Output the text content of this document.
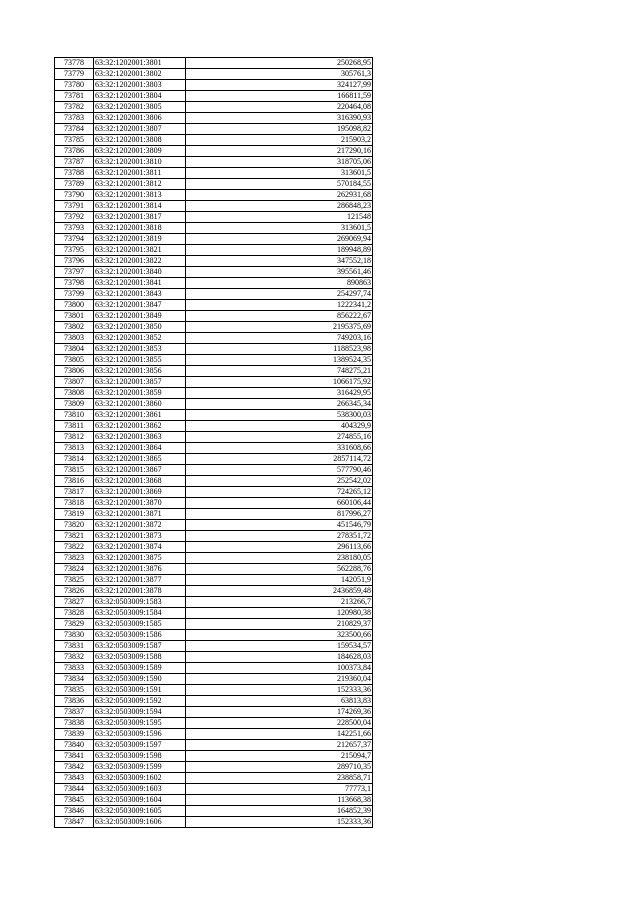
73778	63:32:1202001:3801	250268,95
73779	63:32:1202001:3802	305761,3
73780	63:32:1202001:3803	324127,99
73781	63:32:1202001:3804	166811,59
73782	63:32:1202001:3805	220464,08
73783	63:32:1202001:3806	316390,93
73784	63:32:1202001:3807	195098,82
73785	63:32:1202001:3808	215903,2
73786	63:32:1202001:3809	217290,16
73787	63:32:1202001:3810	318705,06
73788	63:32:1202001:3811	313601,5
73789	63:32:1202001:3812	570184,55
73790	63:32:1202001:3813	262931,68
73791	63:32:1202001:3814	286848,23
73792	63:32:1202001:3817	121548
73793	63:32:1202001:3818	313601,5
73794	63:32:1202001:3819	269069,94
73795	63:32:1202001:3821	189948,89
73796	63:32:1202001:3822	347552,18
73797	63:32:1202001:3840	395561,46
73798	63:32:1202001:3841	890863
73799	63:32:1202001:3843	254297,74
73800	63:32:1202001:3847	1222341,2
73801	63:32:1202001:3849	856222,67
73802	63:32:1202001:3850	2195375,69
73803	63:32:1202001:3852	749203,16
73804	63:32:1202001:3853	1188523,98
73805	63:32:1202001:3855	1389524,35
73806	63:32:1202001:3856	748275,21
73807	63:32:1202001:3857	1066175,92
73808	63:32:1202001:3859	316429,95
73809	63:32:1202001:3860	266345,34
73810	63:32:1202001:3861	538300,03
73811	63:32:1202001:3862	404329,9
73812	63:32:1202001:3863	274855,16
73813	63:32:1202001:3864	331608,66
73814	63:32:1202001:3865	2857114,72
73815	63:32:1202001:3867	577790,46
73816	63:32:1202001:3868	252542,02
73817	63:32:1202001:3869	724265,12
73818	63:32:1202001:3870	660106,44
73819	63:32:1202001:3871	817996,27
73820	63:32:1202001:3872	451546,79
73821	63:32:1202001:3873	278351,72
73822	63:32:1202001:3874	296113,66
73823	63:32:1202001:3875	238180,05
73824	63:32:1202001:3876	562288,76
73825	63:32:1202001:3877	142051,9
73826	63:32:1202001:3878	2436859,48
73827	63:32:0503009:1583	213266,7
73828	63:32:0503009:1584	120980,38
73829	63:32:0503009:1585	210829,37
73830	63:32:0503009:1586	323500,66
73831	63:32:0503009:1587	159534,57
73832	63:32:0503009:1588	184628,03
73833	63:32:0503009:1589	100373,84
73834	63:32:0503009:1590	219360,04
73835	63:32:0503009:1591	152333,36
73836	63:32:0503009:1592	63813,83
73837	63:32:0503009:1594	174269,36
73838	63:32:0503009:1595	228500,04
73839	63:32:0503009:1596	142251,66
73840	63:32:0503009:1597	212657,37
73841	63:32:0503009:1598	215094,7
73842	63:32:0503009:1599	289710,35
73843	63:32:0503009:1602	238858,71
73844	63:32:0503009:1603	77773,1
73845	63:32:0503009:1604	113668,38
73846	63:32:0503009:1605	164852,39
73847	63:32:0503009:1606	152333,36
